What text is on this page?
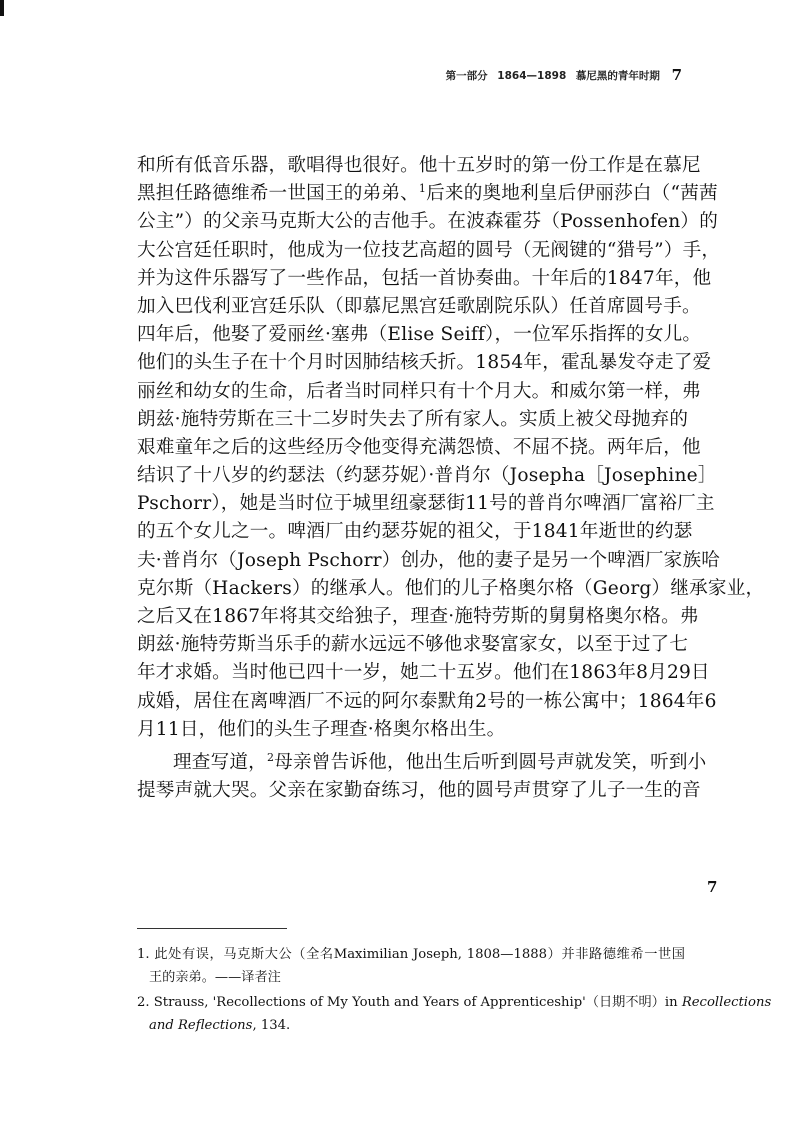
第一部分 1864—1898 慕尼黑的青年时期 7
和所有低音乐器，歌唱得也很好。他十五岁时的第一份工作是在慕尼
黑担任路德维希一世国王的弟弟、$^1$后来的奥地利皇后伊丽莎白（“茜茜
公主”）的父亲马克斯大公的吉他手。在波森霍芬（Possenhofen）的
大公宫廷任职时，他成为一位技艺高超的圆号（无阀键的“猎号”）手，
并为这件乐器写了一些作品，包括一首协奏曲。十年后的1847年，他
加入巴伐利亚宫廷乐队（即慕尼黑宫廷歌剧院乐队）任首席圆号手。
四年后，他娶了爱丽丝·塞弗（Elise Seiff），一位军乐指挥的女儿。
他们的头生子在十个月时因肺结核夭折。1854年，霍乱暴发夺走了爱
丽丝和幼女的生命，后者当时同样只有十个月大。和威尔第一样，弗
朗兹·施特劳斯在三十二岁时失去了所有家人。实质上被父母抛弃的
艰难童年之后的这些经历令他变得充满怨愤、不屈不挠。两年后，他
结识了十八岁的约瑟法（约瑟芬妮）·普肖尔（Josepha［Josephine］
Pschorr），她是当时位于城里纽豪瑟街11号的普肖尔啤酒厂富裕厂主
的五个女儿之一。啤酒厂由约瑟芬妮的祖父，于1841年逝世的约瑟
夫·普肖尔（Joseph Pschorr）创办，他的妻子是另一个啤酒厂家族哈
克尔斯（Hackers）的继承人。他们的儿子格奥尔格（Georg）继承家业，
之后又在1867年将其交给独子，理查·施特劳斯的舅舅格奥尔格。弗
朗兹·施特劳斯当乐手的薪水远远不够他求娶富家女，以至于过了七
年才求婚。当时他已四十一岁，她二十五岁。他们在1863年8月29日
成婚，居住在离啤酒厂不远的阿尔泰默角2号的一栋公寓中；1864年6
月11日，他们的头生子理查·格奥尔格出生。
理查写道，$^2$母亲曾告诉他，他出生后听到圆号声就发笑，听到小
提琴声就大哭。父亲在家勤奋练习，他的圆号声贯穿了儿子一生的音
7
1. 此处有误，马克斯大公（全名Maximilian Joseph, 1808—1888）并非路德维希一世国
王的亲弟。——译者注
2. Strauss, 'Recollections of My Youth and Years of Apprenticeship'（日期不明）in Recollections
and Reflections, 134.
